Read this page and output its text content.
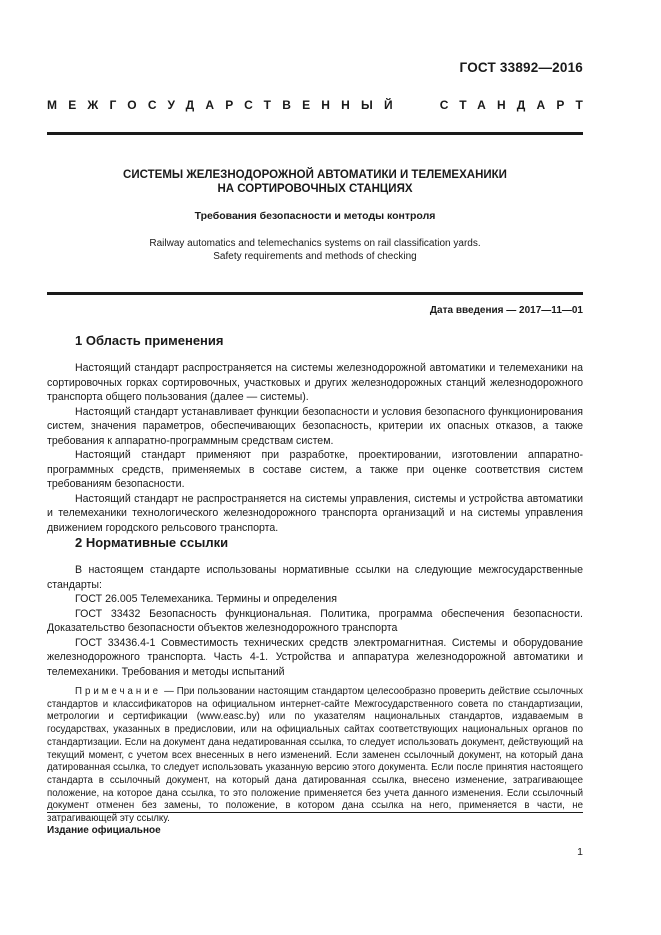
ГОСТ 33892—2016
МЕЖГОСУДАРСТВЕННЫЙ	СТАНДАРТ

СИСТЕМЫ ЖЕЛЕЗНОДОРОЖНОЙ АВТОМАТИКИ И ТЕЛЕМЕХАНИКИ

НА СОРТИРОВОЧНЫХ СТАНЦИЯХ

Требования безопасности и методы контроля

Railway automatics and telemechanics systems on rail classification yards.

Safety requirements and methods of checking

Дата введения — 2017—11—01
1 Область применения

Настоящий стандарт распространяется на системы железнодорожной автоматики и телемеханики на сортировочных горках сортировочных, участковых и других железнодорожных станций железнодорожного транспорта общего пользования (далее — системы).

Настоящий стандарт устанавливает функции безопасности и условия безопасного функционирования систем, значения параметров, обеспечивающих безопасность, критерии их опасных отказов, а также требования к аппаратно-программным средствам систем.

Настоящий стандарт применяют при разработке, проектировании, изготовлении аппаратно-программных средств, применяемых в составе систем, а также при оценке соответствия систем требованиям безопасности.

Настоящий стандарт не распространяется на системы управления, системы и устройства автоматики и телемеханики технологического железнодорожного транспорта организаций и на системы управления движением городского рельсового транспорта.

2 Нормативные ссылки

В настоящем стандарте использованы нормативные ссылки на следующие межгосударственные стандарты:

ГОСТ 26.005 Телемеханика. Термины и определения

ГОСТ 33432 Безопасность функциональная. Политика, программа обеспечения безопасности. Доказательство безопасности объектов железнодорожного транспорта

ГОСТ 33436.4-1 Совместимость технических средств электромагнитная. Системы и оборудование железнодорожного транспорта. Часть 4-1. Устройства и аппаратура железнодорожной автоматики и телемеханики. Требования и методы испытаний

Примечание — При пользовании настоящим стандартом целесообразно проверить действие ссылочных стандартов и классификаторов на официальном интернет-сайте Межгосударственного совета по стандартизации, метрологии и сертификации (www.easc.by) или по указателям национальных стандартов, издаваемым в государствах, указанных в предисловии, или на официальных сайтах соответствующих национальных органов по стандартизации. Если на документ дана недатированная ссылка, то следует использовать документ, действующий на текущий момент, с учетом всех внесенных в него изменений. Если заменен ссылочный документ, на который дана датированная ссылка, то следует использовать указанную версию этого документа. Если после принятия настоящего стандарта в ссылочный документ, на который дана датированная ссылка, внесено изменение, затрагивающее положение, на которое дана ссылка, то это положение применяется без учета данного изменения. Если ссылочный документ отменен без замены, то положение, в котором дана ссылка на него, применяется в части, не затрагивающей эту ссылку.

Издание официальное
1
